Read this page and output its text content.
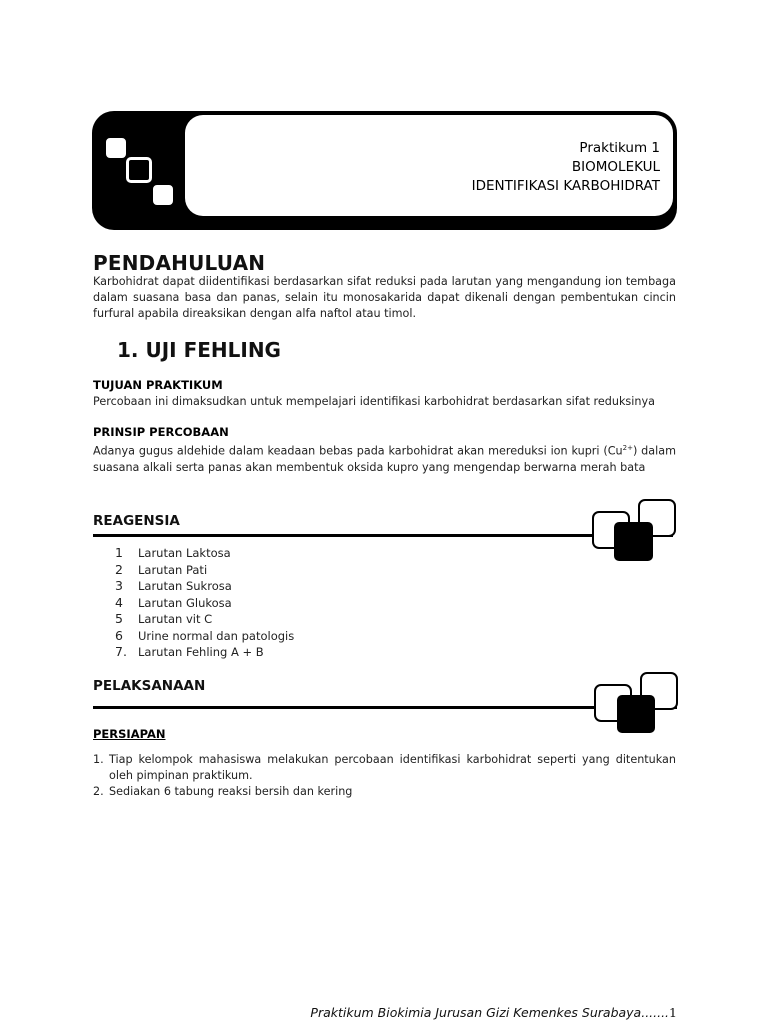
Praktikum 1
BIOMOLEKUL
IDENTIFIKASI KARBOHIDRAT
PENDAHULUAN
Karbohidrat dapat diidentifikasi berdasarkan sifat reduksi pada larutan yang mengandung ion tembaga dalam suasana basa dan panas, selain itu monosakarida dapat dikenali dengan pembentukan cincin furfural apabila direaksikan dengan alfa naftol atau timol.
1. UJI FEHLING
TUJUAN PRAKTIKUM
Percobaan ini dimaksudkan untuk mempelajari identifikasi karbohidrat berdasarkan sifat reduksinya
PRINSIP PERCOBAAN
Adanya gugus aldehide dalam keadaan bebas pada karbohidrat akan mereduksi ion kupri $(Cu^{2+})$ dalam suasana alkali serta panas akan membentuk oksida kupro yang mengendap berwarna merah bata
REAGENSIA
1	Larutan Laktosa
2	Larutan Pati
3	Larutan Sukrosa
4	Larutan Glukosa
5	Larutan vit C
6	Urine normal dan patologis
7. Larutan Fehling A + B
PELAKSANAAN
PERSIAPAN
1. Tiap kelompok mahasiswa melakukan percobaan identifikasi karbohidrat seperti yang ditentukan oleh pimpinan praktikum.
2. Sediakan 6 tabung reaksi bersih dan kering
Praktikum Biokimia Jurusan Gizi Kemenkes Surabaya.......1
